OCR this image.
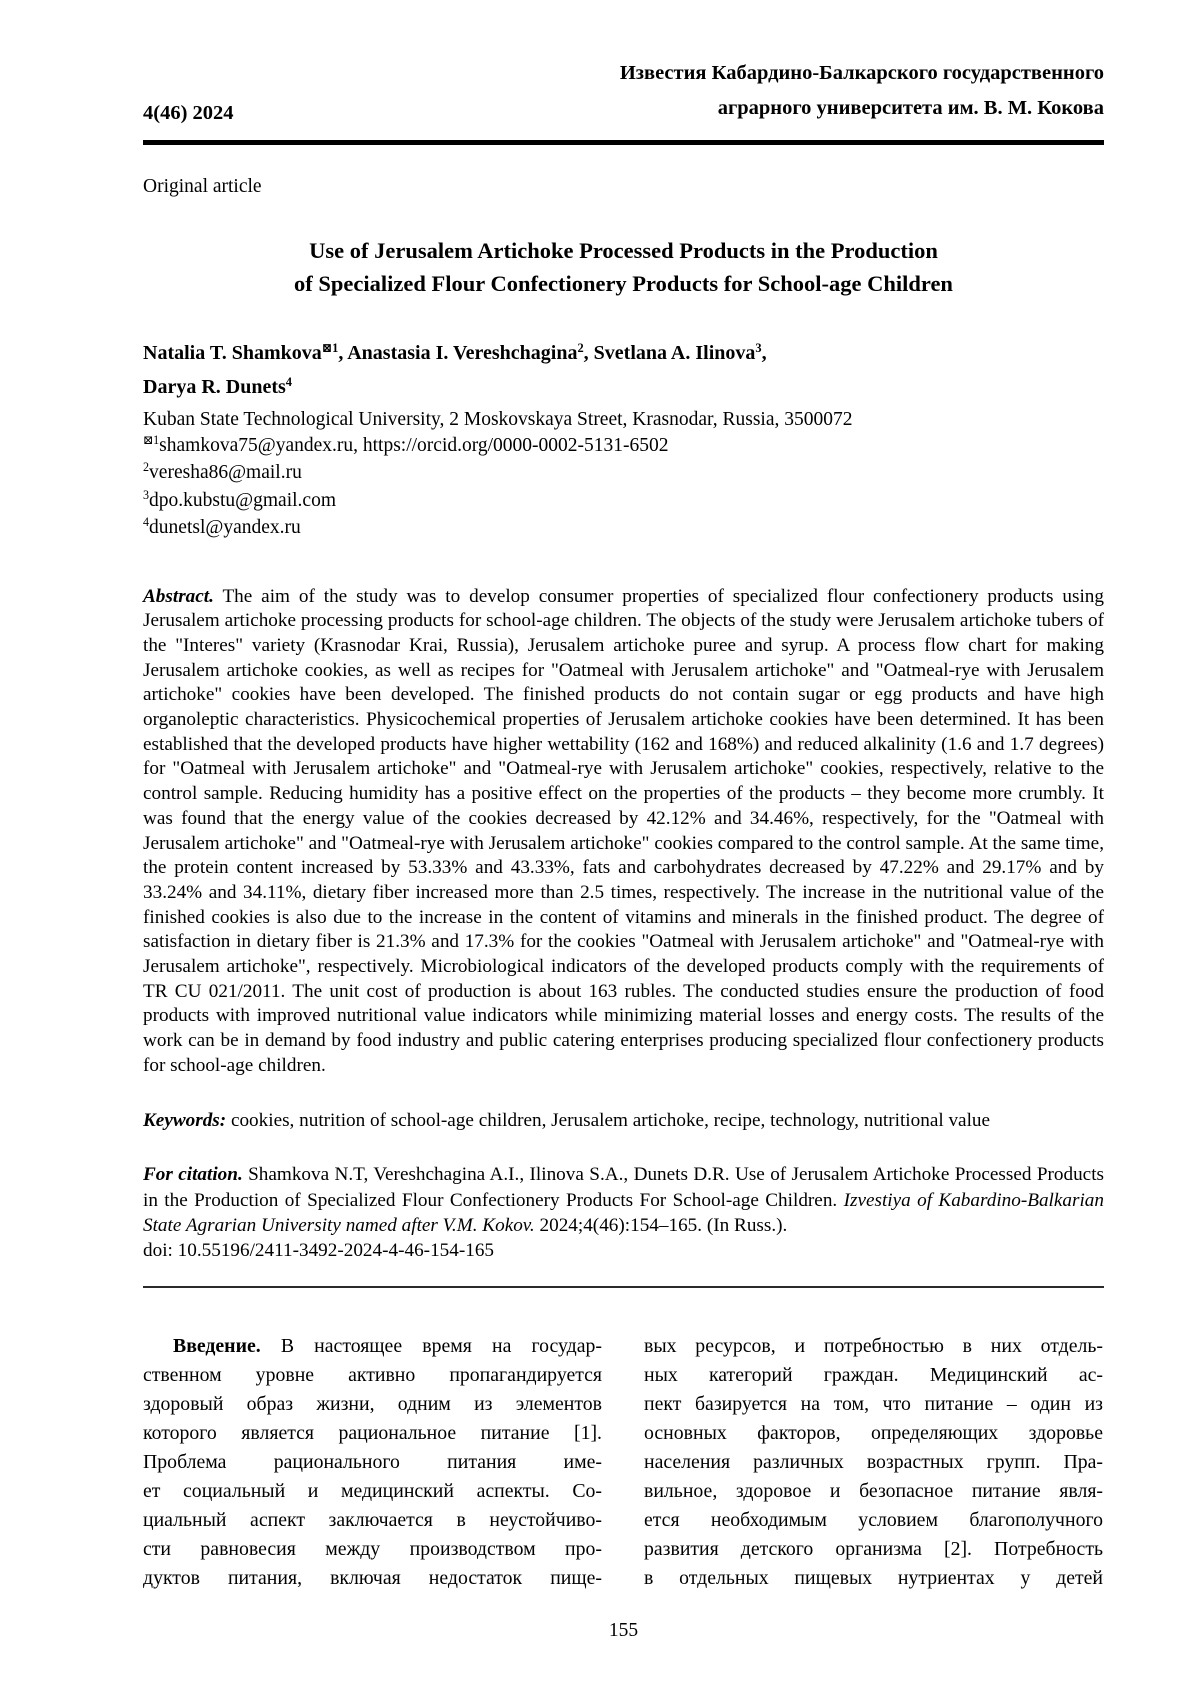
4(46) 2024
Известия Кабардино-Балкарского государственного
аграрного университета им. В. М. Кокова
Original article
Use of Jerusalem Artichoke Processed Products in the Production
of Specialized Flour Confectionery Products for School-age Children
Natalia T. Shamkova$^{⊠1}$, Anastasia I. Vereshchagina$^2$, Svetlana A. Ilinova$^3$,
Darya R. Dunets$^4$
Kuban State Technological University, 2 Moskovskaya Street, Krasnodar, Russia, 3500072
$^{⊠1}$shamkova75@yandex.ru, https://orcid.org/0000-0002-5131-6502
$^2$veresha86@mail.ru
$^3$dpo.kubstu@gmail.com
$^4$dunetsl@yandex.ru
Abstract. The aim of the study was to develop consumer properties of specialized flour confectionery products using Jerusalem artichoke processing products for school-age children. The objects of the study were Jerusalem artichoke tubers of the "Interes" variety (Krasnodar Krai, Russia), Jerusalem artichoke puree and syrup. A process flow chart for making Jerusalem artichoke cookies, as well as recipes for "Oatmeal with Jerusalem artichoke" and "Oatmeal-rye with Jerusalem artichoke" cookies have been developed. The finished products do not contain sugar or egg products and have high organoleptic characteristics. Physicochemical properties of Jerusalem artichoke cookies have been determined. It has been established that the developed products have higher wettability (162 and 168%) and reduced alkalinity (1.6 and 1.7 degrees) for "Oatmeal with Jerusalem artichoke" and "Oatmeal-rye with Jerusalem artichoke" cookies, respectively, relative to the control sample. Reducing humidity has a positive effect on the properties of the products – they become more crumbly. It was found that the energy value of the cookies decreased by 42.12% and 34.46%, respectively, for the "Oatmeal with Jerusalem artichoke" and "Oatmeal-rye with Jerusalem artichoke" cookies compared to the control sample. At the same time, the protein content increased by 53.33% and 43.33%, fats and carbohydrates decreased by 47.22% and 29.17% and by 33.24% and 34.11%, dietary fiber increased more than 2.5 times, respectively. The increase in the nutritional value of the finished cookies is also due to the increase in the content of vitamins and minerals in the finished product. The degree of satisfaction in dietary fiber is 21.3% and 17.3% for the cookies "Oatmeal with Jerusalem artichoke" and "Oatmeal-rye with Jerusalem artichoke", respectively. Microbiological indicators of the developed products comply with the requirements of TR CU 021/2011. The unit cost of production is about 163 rubles. The conducted studies ensure the production of food products with improved nutritional value indicators while minimizing material losses and energy costs. The results of the work can be in demand by food industry and public catering enterprises producing specialized flour confectionery products for school-age children.
Keywords: cookies, nutrition of school-age children, Jerusalem artichoke, recipe, technology, nutritional value
For citation. Shamkova N.T, Vereshchagina A.I., Ilinova S.A., Dunets D.R. Use of Jerusalem Artichoke Processed Products in the Production of Specialized Flour Confectionery Products For School-age Children. Izvestiya of Kabardino-Balkarian State Agrarian University named after V.M. Kokov. 2024;4(46):154–165. (In Russ.).
doi: 10.55196/2411-3492-2024-4-46-154-165
Введение. В настоящее время на государ-
ственном уровне активно пропагандируется
здоровый образ жизни, одним из элементов
которого является рациональное питание [1].
Проблема рационального питания име-
ет социальный и медицинский аспекты. Со-
циальный аспект заключается в неустойчиво-
сти равновесия между производством про-
дуктов питания, включая недостаток пище-
вых ресурсов, и потребностью в них отдель-
ных категорий граждан. Медицинский ас-
пект базируется на том, что питание – один из
основных факторов, определяющих здоровье
населения различных возрастных групп. Пра-
вильное, здоровое и безопасное питание явля-
ется необходимым условием благополучного
развития детского организма [2]. Потребность
в отдельных пищевых нутриентах у детей
155
